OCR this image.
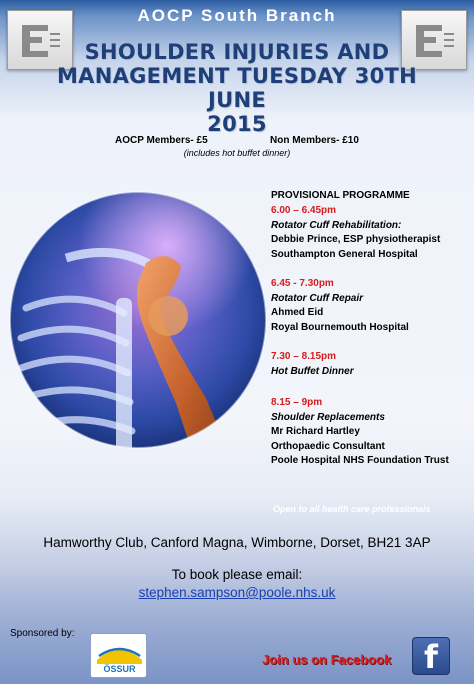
AOCP South Branch
SHOULDER INJURIES AND
MANAGEMENT TUESDAY 30TH JUNE
2015
AOCP Members- £5	Non Members- £10
(includes hot buffet dinner)
PROVISIONAL PROGRAMME
6.00 – 6.45pm
Rotator Cuff Rehabilitation:
Debbie Prince, ESP physiotherapist
Southampton General Hospital
6.45 - 7.30pm
Rotator Cuff Repair
Ahmed Eid
Royal Bournemouth Hospital
7.30 – 8.15pm
Hot Buffet Dinner
8.15 – 9pm
Shoulder Replacements
Mr Richard Hartley
Orthopaedic Consultant
Poole Hospital NHS Foundation Trust
Open to all health care professionals
Hamworthy Club, Canford Magna, Wimborne, Dorset, BH21 3AP
To book please email:
stephen.sampson@poole.nhs.uk
Sponsored by:
ÖSSUR
Join us on Facebook	f
